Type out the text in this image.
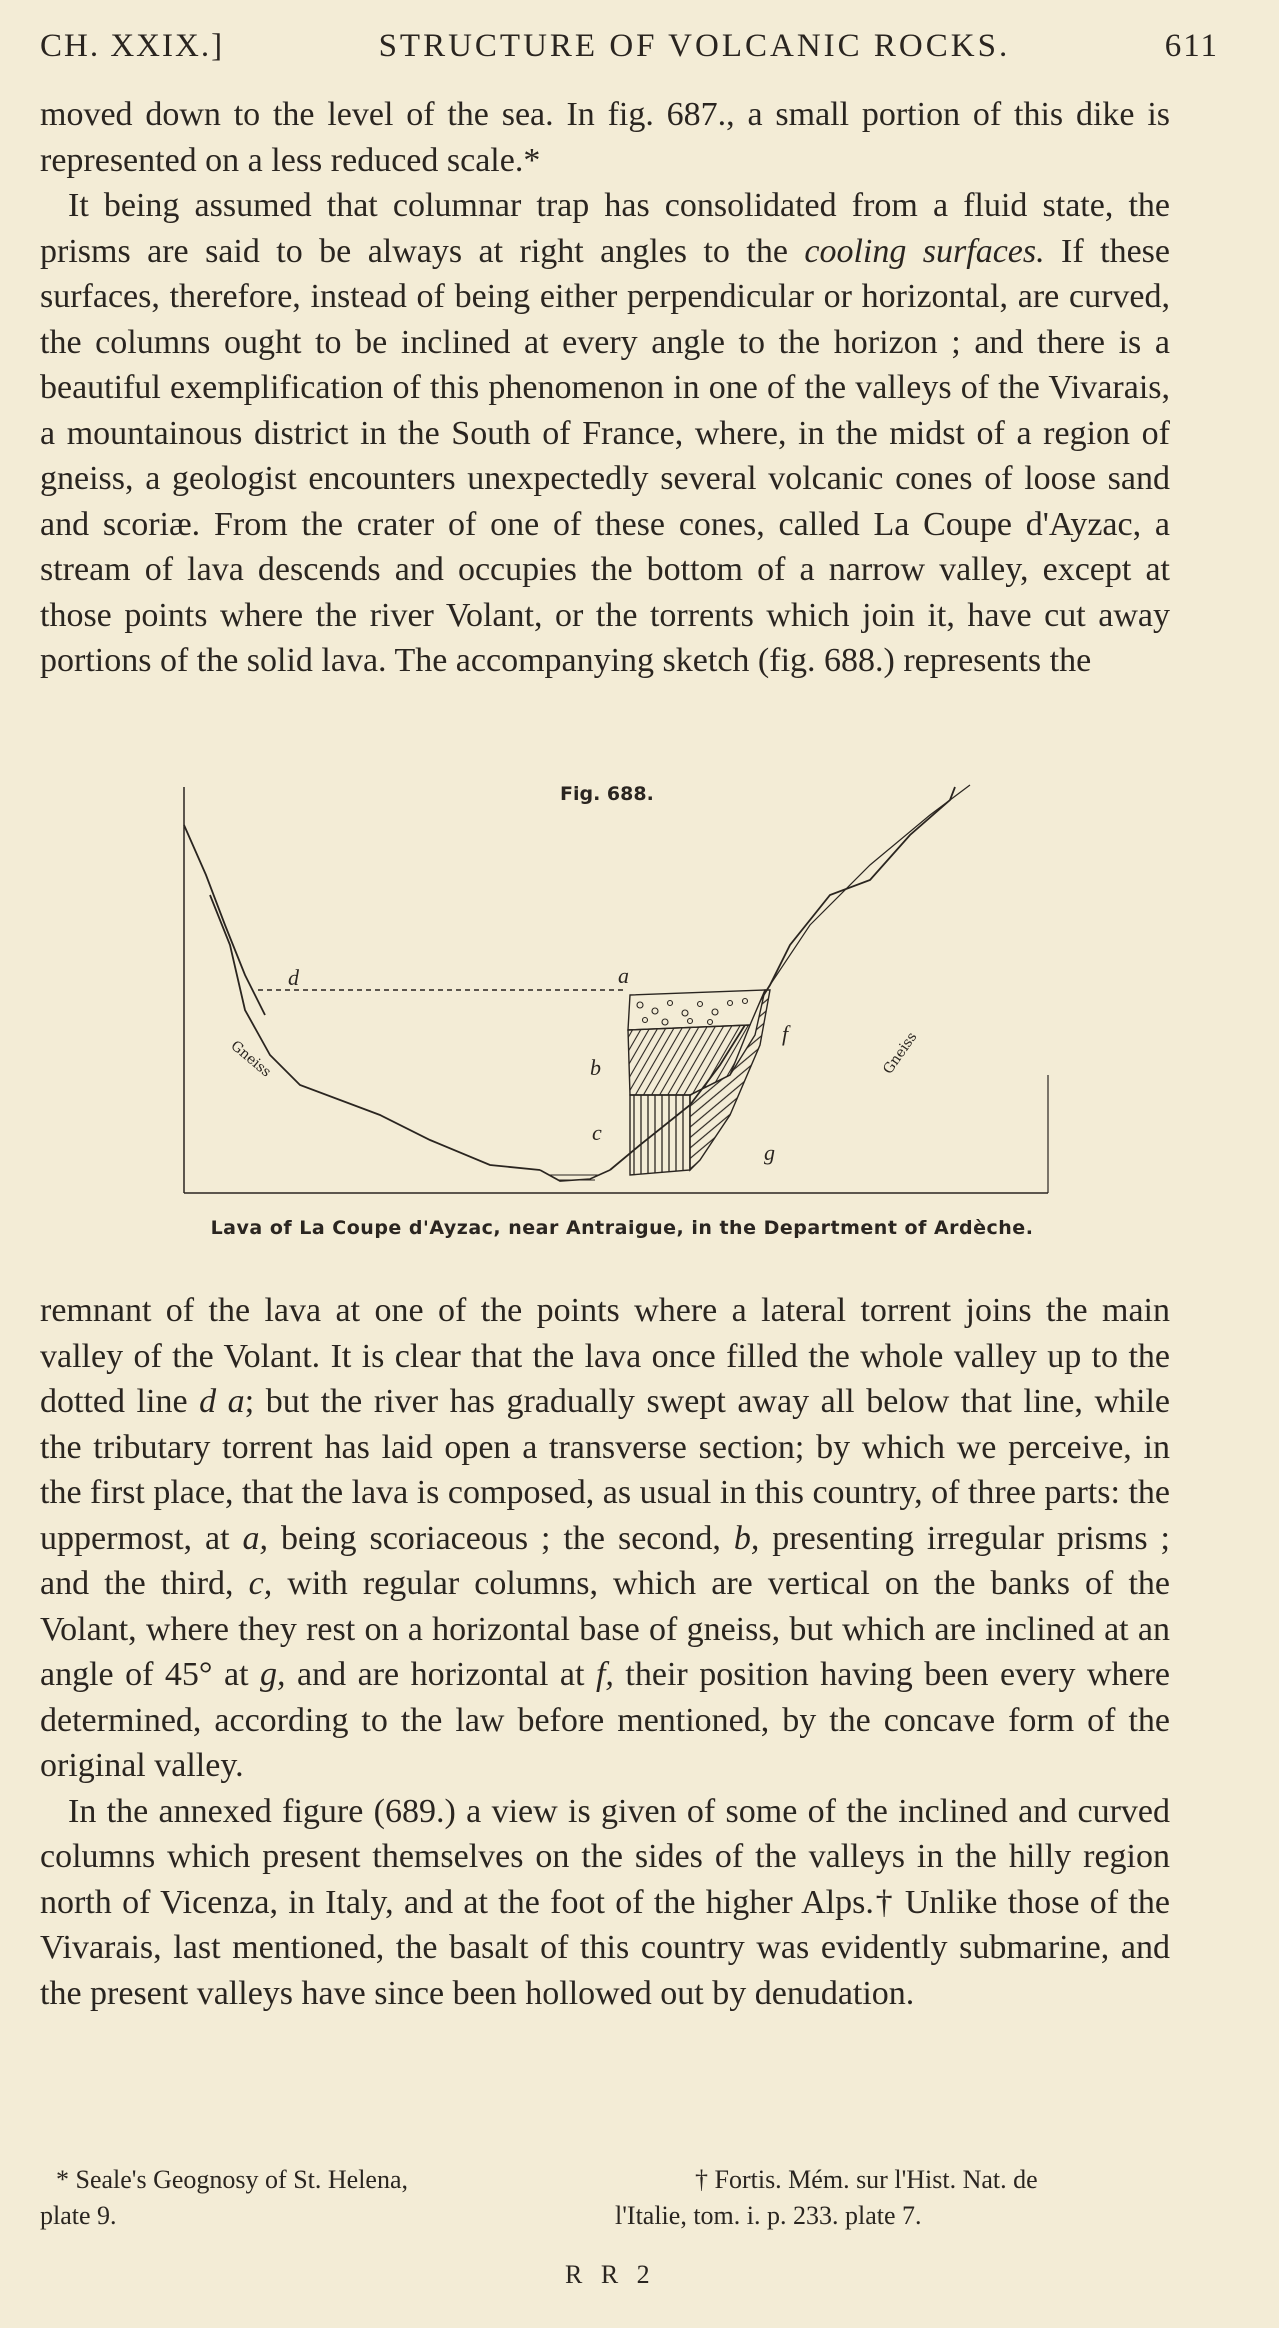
CH. XXIX.]	STRUCTURE OF VOLCANIC ROCKS.	611

moved down to the level of the sea. In fig. 687., a small portion of this dike is represented on a less reduced scale.*

It being assumed that columnar trap has consolidated from a fluid state, the prisms are said to be always at right angles to the cooling surfaces. If these surfaces, therefore, instead of being either perpendicular or horizontal, are curved, the columns ought to be inclined at every angle to the horizon ; and there is a beautiful exemplification of this phenomenon in one of the valleys of the Vivarais, a mountainous district in the South of France, where, in the midst of a region of gneiss, a geologist encounters unexpectedly several volcanic cones of loose sand and scoriæ. From the crater of one of these cones, called La Coupe d'Ayzac, a stream of lava descends and occupies the bottom of a narrow valley, except at those points where the river Volant, or the torrents which join it, have cut away portions of the solid lava. The accompanying sketch (fig. 688.) represents the

Gneiss	Gneiss
Fig. 688.
d	a
b
c
f
g
Lava of La Coupe d'Ayzac, near Antraigue, in the Department of Ardèche.

remnant of the lava at one of the points where a lateral torrent joins the main valley of the Volant. It is clear that the lava once filled the whole valley up to the dotted line d a; but the river has gradually swept away all below that line, while the tributary torrent has laid open a transverse section; by which we perceive, in the first place, that the lava is composed, as usual in this country, of three parts: the uppermost, at a, being scoriaceous ; the second, b, presenting irregular prisms ; and the third, c, with regular columns, which are vertical on the banks of the Volant, where they rest on a horizontal base of gneiss, but which are inclined at an angle of 45° at g, and are horizontal at f, their position having been every where determined, according to the law before mentioned, by the concave form of the original valley.

In the annexed figure (689.) a view is given of some of the inclined and curved columns which present themselves on the sides of the valleys in the hilly region north of Vicenza, in Italy, and at the foot of the higher Alps.† Unlike those of the Vivarais, last mentioned, the basalt of this country was evidently submarine, and the present valleys have since been hollowed out by denudation.

* Seale's Geognosy of St. Helena,
plate 9.
† Fortis. Mém. sur l'Hist. Nat. de
l'Italie, tom. i. p. 233. plate 7.
R R 2
